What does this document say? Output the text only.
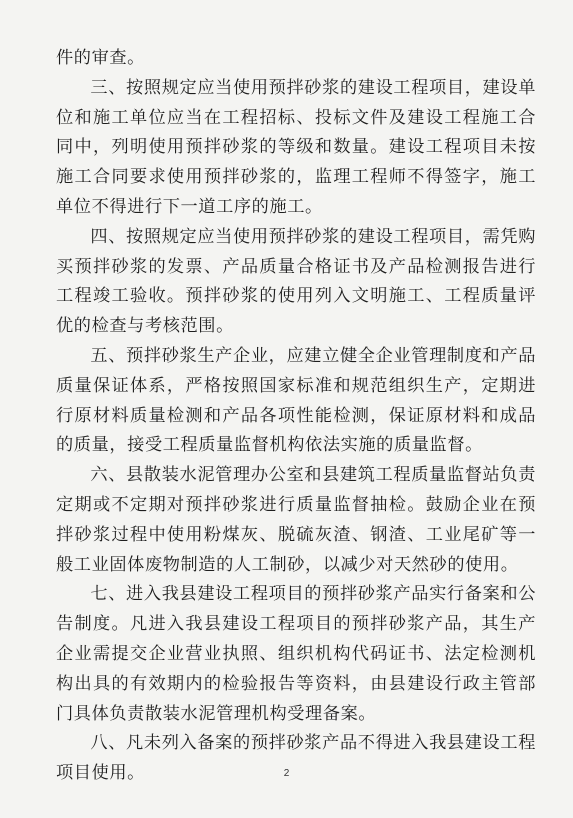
件的审查。

三、按照规定应当使用预拌砂浆的建设工程项目，建设单位和施工单位应当在工程招标、投标文件及建设工程施工合同中，列明使用预拌砂浆的等级和数量。建设工程项目未按施工合同要求使用预拌砂浆的，监理工程师不得签字，施工单位不得进行下一道工序的施工。

四、按照规定应当使用预拌砂浆的建设工程项目，需凭购买预拌砂浆的发票、产品质量合格证书及产品检测报告进行工程竣工验收。预拌砂浆的使用列入文明施工、工程质量评优的检查与考核范围。

五、预拌砂浆生产企业，应建立健全企业管理制度和产品质量保证体系，严格按照国家标准和规范组织生产，定期进行原材料质量检测和产品各项性能检测，保证原材料和成品的质量，接受工程质量监督机构依法实施的质量监督。

六、县散装水泥管理办公室和县建筑工程质量监督站负责定期或不定期对预拌砂浆进行质量监督抽检。鼓励企业在预拌砂浆过程中使用粉煤灰、脱硫灰渣、钢渣、工业尾矿等一般工业固体废物制造的人工制砂，以减少对天然砂的使用。

七、进入我县建设工程项目的预拌砂浆产品实行备案和公告制度。凡进入我县建设工程项目的预拌砂浆产品，其生产企业需提交企业营业执照、组织机构代码证书、法定检测机构出具的有效期内的检验报告等资料，由县建设行政主管部门具体负责散装水泥管理机构受理备案。

八、凡未列入备案的预拌砂浆产品不得进入我县建设工程项目使用。	2
